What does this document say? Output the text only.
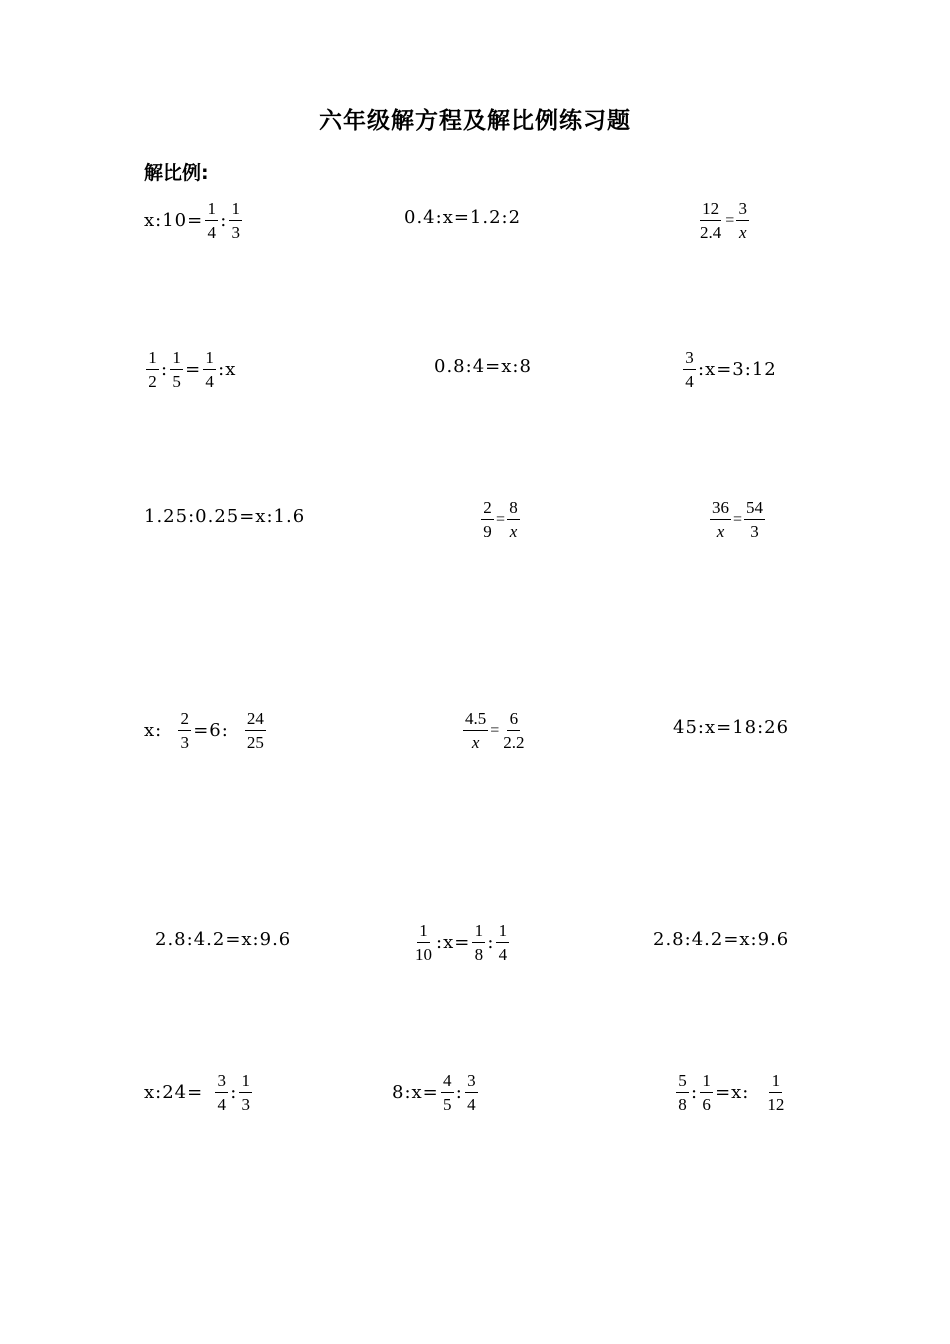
六年级解方程及解比例练习题
解比例:
x:10= $\frac{1}{4}$ : $\frac{1}{3}$	0.4:x=1.2:2	$\frac{12}{2.4} = \frac{3}{x}$
$\frac{1}{2}$ : $\frac{1}{5} = \frac{1}{4}$ : x	0.8:4=x:8	$\frac{3}{4}$ :x=3:12
1.25:0.25=x:1.6	$\frac{2}{9} = \frac{8}{x}$	$\frac{36}{x} = \frac{54}{3}$
x: $\frac{2}{3} =6$: $\frac{24}{25}$	$\frac{4.5}{x} = \frac{6}{2.2}$	45:x=18:26
2.8:4.2=x:9.6	$\frac{1}{10}$ :x= $\frac{1}{8}$ : $\frac{1}{4}$	2.8:4.2=x:9.6
x:24= $\frac{3}{4}$ : $\frac{1}{3}$	8:x= $\frac{4}{5}$ : $\frac{3}{4}$	$\frac{5}{8}$ : $\frac{1}{6} =x$: $\frac{1}{12}$
